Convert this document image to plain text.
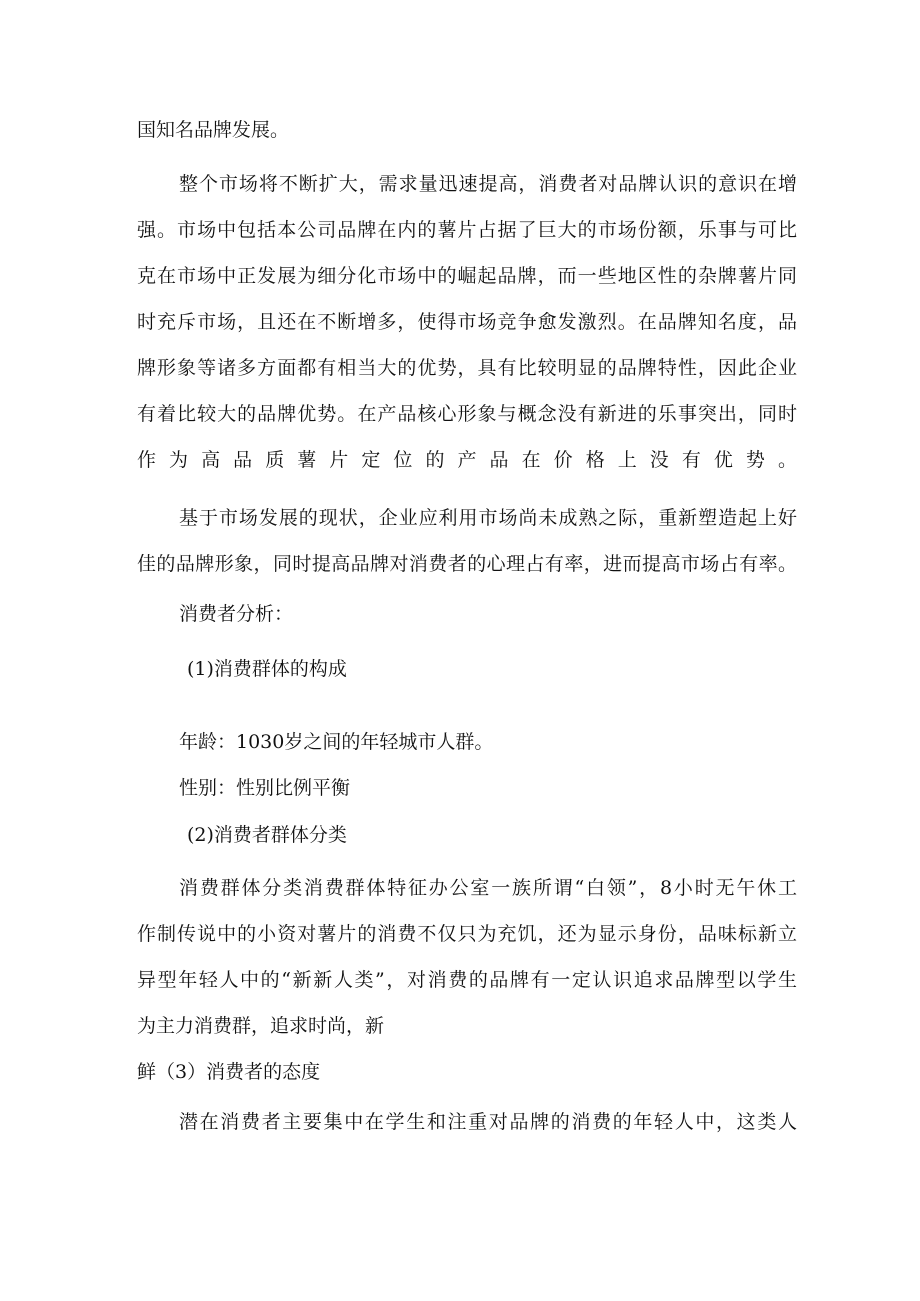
国知名品牌发展。
整个市场将不断扩大，需求量迅速提高，消费者对品牌认识的意识在增
强。市场中包括本公司品牌在内的薯片占据了巨大的市场份额，乐事与可比
克在市场中正发展为细分化市场中的崛起品牌，而一些地区性的杂牌薯片同
时充斥市场，且还在不断增多，使得市场竞争愈发激烈。在品牌知名度，品
牌形象等诸多方面都有相当大的优势，具有比较明显的品牌特性，因此企业
有着比较大的品牌优势。在产品核心形象与概念没有新进的乐事突出，同时
作为高品质薯片定位的产品在价格上没有优势。
基于市场发展的现状，企业应利用市场尚未成熟之际，重新塑造起上好
佳的品牌形象，同时提高品牌对消费者的心理占有率，进而提高市场占有率。
消费者分析：
(1)消费群体的构成
年龄：1030岁之间的年轻城市人群。
性别：性别比例平衡
(2)消费者群体分类
消费群体分类消费群体特征办公室一族所谓“白领”，8小时无午休工
作制传说中的小资对薯片的消费不仅只为充饥，还为显示身份，品味标新立
异型年轻人中的“新新人类”，对消费的品牌有一定认识追求品牌型以学生
为主力消费群，追求时尚，新
鲜（3）消费者的态度
潜在消费者主要集中在学生和注重对品牌的消费的年轻人中，这类人
